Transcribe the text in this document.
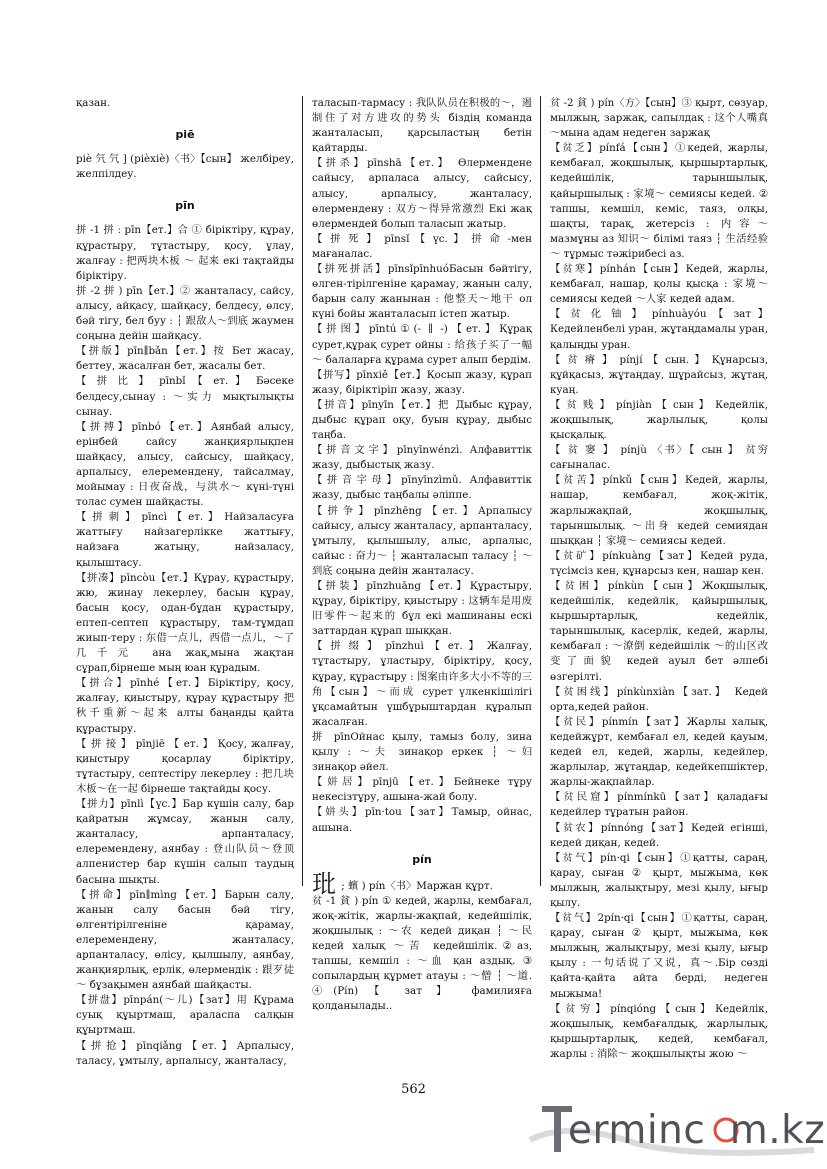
қазан.

piē

piè 氕 氕 ] (pièxiè)〈书〉【сын】 желбіреу, желпілдеу.

pīn

拼 -1 拼 ː pīn【ет.】合 ① біріктіру, құрау, құрастыру, тұтастыру, қосу, ұлау, жалғау : 把两块木板 ～ 起来 екі тақтайды біріктіру.

拼 -2 拼 ) pīn【ет.】② жанталасу, сайсу, алысу, айқасу, шайқасу, белдесу, өлсу, бәй тігу, бел буу : ┆ 跟敌人～到底 жаумен соңына дейін шайқасу.

【拼版】pīn∥bǎn【ет.】按 Бет жасау, беттеу, жасалған бет, жасалы бет.

【 拼 比 】 pīnbǐ 【 ет. 】 Бәсеке белдесу,сынау : ～实力 мықтылықты сынау.

【拼搏】pīnbó【ет.】Аянбай алысу, ерінбей сайсу жанқиярлықпен шайқасу, алысу, сайсысу, шайқасу, арпалысу, елеремендену, тайсалмау, мойымау : 日夜奋战，与洪水～ күні-түні толас сумен шайқасты.

【 拼 刺 】 pīncì 【 ет. 】 Найзаласуға жаттығу найзагерлікке жаттығу, найзаға жатыңу, найзаласу, қылыштасу.

【拼凑】pīncòu【ет.】Құрау, құрастыру, жю, жинау лекерлеу, басын құрау, басын қосу, одан-бұдан құрастыру, ептеп-септеп құрастыру, там-тұмдап жиып-теру : 东借一点儿，西借一点儿，～了几千元 ана жақ,мына жақтан сұрап,бірнеше мың юан құрадым.

【拼合】pīnhé【ет.】Біріктіру, қосу, жалғау, қиыстыру, құрау құрастыру 把秋千重新～起来 алты баңанды қайта құрастыру.

【 拼 接 】 pīnjiē 【 ет. 】 Қосу, жалғау, қиыстыру қосарлау біріктіру, тұтастыру, септестіру лекерлеу : 把几块木板～在一起 бірнеше тақтайды қосу.

【拼力】pīnlì【үс.】Бар күшін салу, бар қайратын жұмсау, жанын салу, жанталасу, арпанталасу, елеремендену, аянбау : 登山队员～登顶 алпенистер бар күшін салып таудың басына шықты.

【拼命】pīn∥mìng【ет.】Барын салу, жанын салу басын бәй тігу, өлгентірілгеніне қарамау, елеремендену, жанталасу, арпанталасу, өлісу, қылшылу, аянбау, жанқиярлық, ерлік, өлермендік : 跟歹徒～ бұзақымен аянбай шайқасты.

【拼盘】pīnpán(～儿)【зат】用 Құрама суық құыртмаш, араласпа салқын құыртмаш.

【拼抢】pīnqiǎng【ет.】Арпалысу, таласу, ұмтылу, арпалысу, жанталасу,

таласып-тармасу : 我队队员在积极的～，遏制住了对方进攻的势头 біздің команда жанталасып, қарсыластың бетін қайтарды.

【拼杀】pīnshā【ет.】 Өлерменденe сайысу, арпаласа алысу, сайсысу, алысу, арпалысу, жанталасу, өлермендену : 双方～得异常激烈 Екі жақ өлермендей болып таласып жатыр.

【 拼 死 】 pīnsǐ 【 үс. 】 拼 命 -мен мағаналас.

【拼死拼活】pīnsǐpīnhuóБасын бәйтігу, өлген-тірілгеніне қарамау, жанын салу, барын салу жанынан : 他整天～地干 ол күні бойы жанталасып істеп жатыр.

【拼图】pīntú①(- ∥ -)【ет.】Құрақ сурет,құрақ сурет ойны : 给孩子买了一幅～ балаларға құрама сурет алып бердім.

【拼写】pīnxiě【ет.】Қосып жазу, құрап жазу, біріктіріп жазу, жазу.

【拼音】pīnyīn【ет.】把 Дыбыс құрау, дыбыс құрап оқу, буын құрау, дыбыс таңба.

【拼音文字】pīnyīnwénzì. Алфавиттік жазу, дыбыстық жазу.

【拼音字母】pīnyīnzìmǔ. Алфавиттік жазу, дыбыс таңбалы әліппе.

【拼争】pīnzhēng【ет.】Арпалысу сайысу, алысу жанталасу, арпанталасу, ұмтылу, қылышылу, алыс, арпалыс, сайыс : 奋力～ ┆ жанталасып таласу ┆ ～到底 соңына дейін жанталасу.

【拼装】pīnzhuāng【ет.】Құрастыру, құрау, біріктіру, қиыстыру : 这辆车是用废旧零件～起来的 бұл екі машинаны ескі заттардан құрап шыққан.

【 拼 缀 】 pīnzhuì 【 ет. 】 Жалғау, тұтастыру, ұластыру, біріктіру, қосу, құрау, құрастыру : 图案由许多大小不等的三角【сын】～而成 сурет үлкенкішілігі ұқсамайтын үшбұрыштардан құралып жасалған.

拼 pīnОйнас қылу, тамыз болу, зина қылу : ～夫 зинақор еркек ┆ ～妇 зинақор әйел.

【姘居】pīnjū【ет.】Бейнеке тұру некесізтұру, ашына-жай болу.

【姘头】pīn·tou【зат】Тамыр, ойнас, ашына.

pín

玭 ; 蠙 ) pín〈书〉Маржан құрт.

贫 -1 貧 ) pín ① кедей, жарлы, кембағал, жоқ-жітік, жарлы-жақпай, кедейшілік, жоқшылық : ～农 кедей диқан ┆ ～民 кедей халық ～苦 кедейшілік.②аз, тапшы, кемшіл : ～血 қан аздық. ③ сопылардың құрмет атауы : ～僧 ┆ ～道. ④(Pín)【 зат 】 фамилияға қолданылады..

贫 -2 貧 ) pín〈方〉【сын】③ қырт, сөзуар, мылжың, заржақ, сапылдақ : 这个人嘴真～мына адам недеген заржақ

【贫乏】pínfá【сын】①кедей, жарлы, кембағал, жоқшылық, қыршыртарлық, кедейшілік, тарыншылық, қайыршылық : 家境～ семиясы кедей. ② тапшы, кемшіл, кеміс, таяз, олқы, шақты, тарақ, жетерсіз : 内容～ мазмұны аз 知识～ білімі таяз ┆ 生活经验～ тұрмыс тәжірибесі аз.

【贫寒】pínhán【сын】Кедей, жарлы, кембағал, нашар, қолы қысқа : 家境～ семиясы кедей ～人家 кедей адам.

【 贫 化 铀 】 pínhuàyóu 【 зат 】 Кедейленбелі уран, жұтаңдамалы уран, қалыңды уран.

【 贫 瘠 】 pínjí 【 сын. 】 Құнарсыз, құйқасыз, жұтаңдау, шұрайсыз, жұтаң, куаң.

【 贫 贱 】 pínjiàn 【 сын 】 Кедейлік, жоқшылық, жарлылық, қолы қысқалық.

【 贫 窭 】 pínjù 〈书〉【 сын 】 贫穷 сағыналас.

【贫苦】pínkǔ【сын】Кедей, жарлы, нашар, кембағал, жоқ-жітік, жарлыжақпай, жоқшылық, тарыншылық. ～出身 кедей семиядан шыққан ┆ 家境～ семиясы кедей.

【贫矿】pínkuàng【зат】Кедей руда, түсімсіз кен, құнарсыз кен, нашар кен.

【贫困】pínkùn【сын】Жоқшылық, кедейшілік, кедейлік, қайыршылық, кыршыртарлық, кедейлік, тарыншылық, касерлік, кедей, жарлы, кембағал : ～潦倒 кедейшілік ～的山区改变了面貌 кедей ауыл бет әлпебі өзгерілті.

【贫困线】pínkùnxiàn【зат.】 Кедей орта,кедей район.

【贫民】pínmín【зат】Жарлы халық, кедейжұрт, кембағал ел, кедей қауым, кедей ел, кедей, жарлы, кедейлер, жарлылар, жұтаңдар, кедейкепшіктер, жарлы-жақпайлар.

【贫民窟】pínmínkū【зат】қаладағы кедейлер тұратын район.

【贫农】pínnóng【зат】Кедей егінші, кедей диқан, кедей.

【贫气】pín·qi【сын】①қатты, сараң, қарау, сыған ② қырт, мыжыма, көк мылжың, жалықтыру, мезі қылу, ығыр қылу.

【贫气】2pín·qi【сын】①қатты, сараң, қарау, сыған ② қырт, мыжыма, көк мылжың, жалықтыру, мезі қылу, ығыр қылу : 一句话说了又说，真～.Бір сөзді қайта-қайта айта берді, недеген мыжыма!

【 贫 穷 】 pínqióng 【 сын 】 Кедейлік, жоқшылық, кембағалдық, жарлылық, қыршыртарлық, кедей, кембағал, жарлы : 消除～ жоқшылықты жою ～

562
erminc m.kz
